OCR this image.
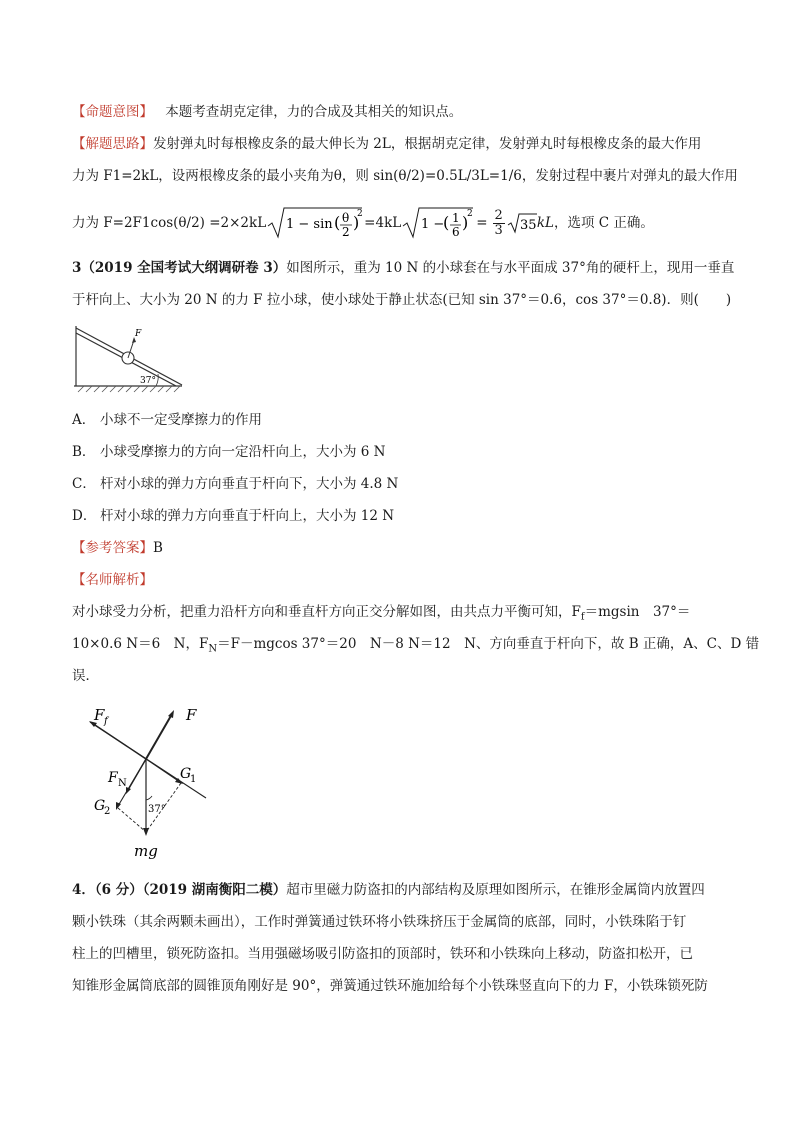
【命题意图】 本题考查胡克定律，力的合成及其相关的知识点。
【解题思路】发射弹丸时每根橡皮条的最大伸长为 2L，根据胡克定律，发射弹丸时每根橡皮条的最大作用
力为 F1=2kL，设两根橡皮条的最小夹角为θ，则 sin(θ/2)=0.5L/3L=1/6，发射过程中裹片对弹丸的最大作用
力为 F=2F1cos(θ/2) =2×2kL 1 − sin ( θ
2 )
2
=4kL 1 −
( 1
6 )
2
= $\frac{2}{3} 35$ kL ，选项 C 正确。
3（2019 全国考试大纲调研卷 3）如图所示，重为 10 N 的小球套在与水平面成 37°角的硬杆上，现用一垂直
于杆向上、大小为 20 N 的力 F 拉小球，使小球处于静止状态(已知 sin 37°＝0.6，cos 37°＝0.8)．则(　　)
F
37°
A． 小球不一定受摩擦力的作用
B． 小球受摩擦力的方向一定沿杆向上，大小为 6 N
C． 杆对小球的弹力方向垂直于杆向下，大小为 4.8 N
D． 杆对小球的弹力方向垂直于杆向上，大小为 12 N
【参考答案】B
【名师解析】
对小球受力分析，把重力沿杆方向和垂直杆方向正交分解如图，由共点力平衡可知，$F_f=mgsin$　37°＝
10×0.6 N＝6　N，$F_N=F-mgcos$ 37°＝20　N－8 N＝12　N、方向垂直于杆向下，故 B 正确，A、C、D 错
误．
F f	F
F N
G
1
G
2	37°
mg
4．（6 分）（2019 湖南衡阳二模）超市里磁力防盗扣的内部结构及原理如图所示，在锥形金属筒内放置四
颗小铁珠（其余两颗未画出），工作时弹簧通过铁环将小铁珠挤压于金属筒的底部，同时，小铁珠陷于钉
柱上的凹槽里，锁死防盗扣。当用强磁场吸引防盗扣的顶部时，铁环和小铁珠向上移动，防盗扣松开，已
知锥形金属筒底部的圆锥顶角刚好是 90°，弹簧通过铁环施加给每个小铁珠竖直向下的力 F，小铁珠锁死防
